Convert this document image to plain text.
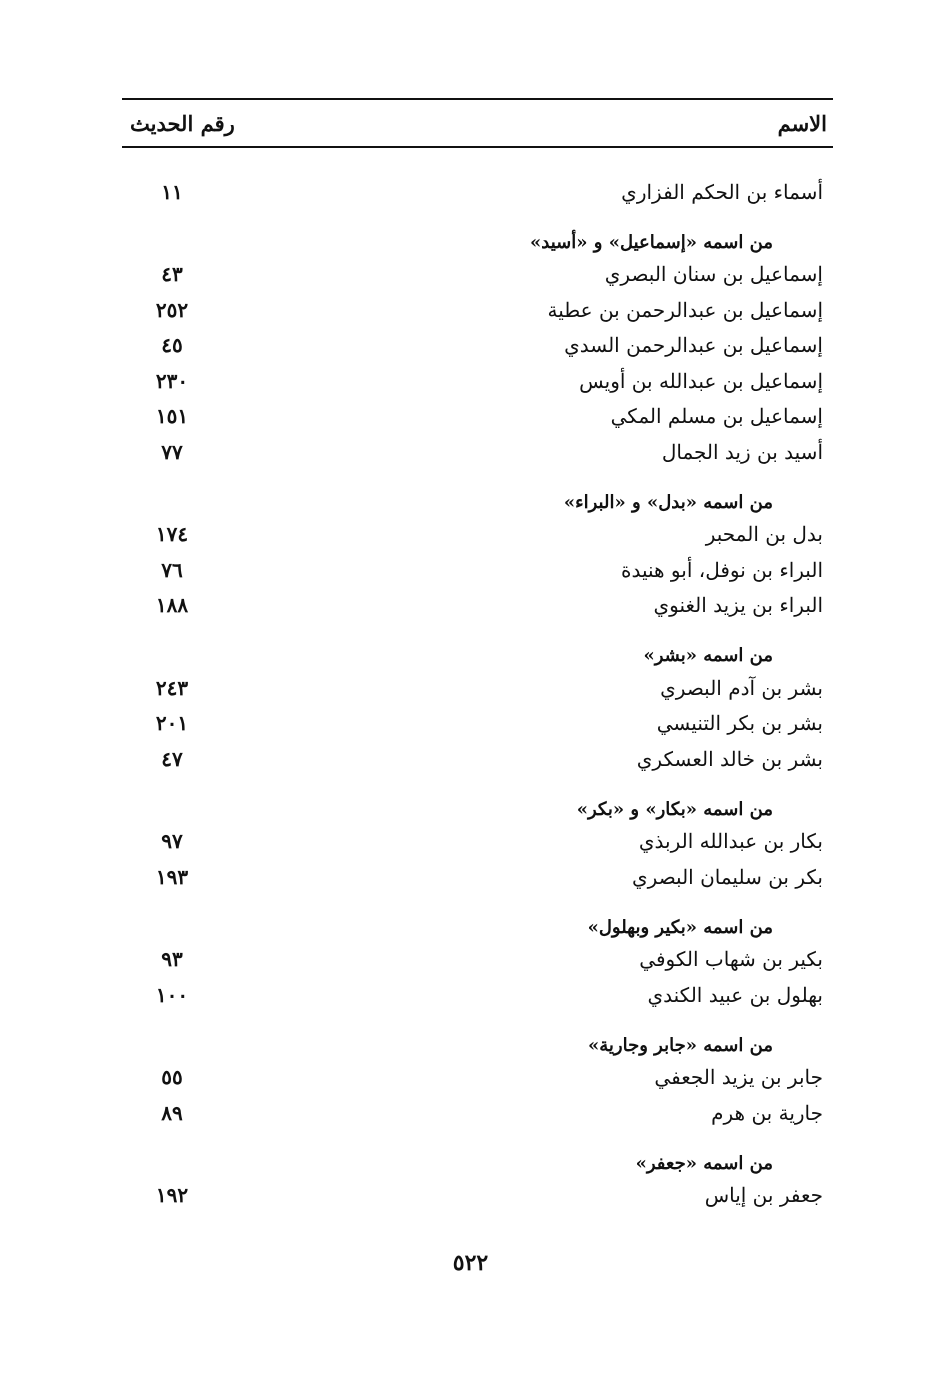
الاسم
رقم الحديث
أسماء بن الحكم الفزاري
١١
من اسمه «إسماعيل» و «أسيد»
إسماعيل بن سنان البصري
٤٣
إسماعيل بن عبدالرحمن بن عطية
٢٥٢
إسماعيل بن عبدالرحمن السدي
٤٥
إسماعيل بن عبدالله بن أويس
٢٣٠
إسماعيل بن مسلم المكي
١٥١
أسيد بن زيد الجمال
٧٧
من اسمه «بدل» و «البراء»
بدل بن المحبر
١٧٤
البراء بن نوفل، أبو هنيدة
٧٦
البراء بن يزيد الغنوي
١٨٨
من اسمه «بشر»
بشر بن آدم البصري
٢٤٣
بشر بن بكر التنيسي
٢٠١
بشر بن خالد العسكري
٤٧
من اسمه «بكار» و «بكر»
بكار بن عبدالله الربذي
٩٧
بكر بن سليمان البصري
١٩٣
من اسمه «بكير وبهلول»
بكير بن شهاب الكوفي
٩٣
بهلول بن عبيد الكندي
١٠٠
من اسمه «جابر وجارية»
جابر بن يزيد الجعفي
٥٥
جارية بن هرم
٨٩
من اسمه «جعفر»
جعفر بن إياس
١٩٢
٥٢٢
